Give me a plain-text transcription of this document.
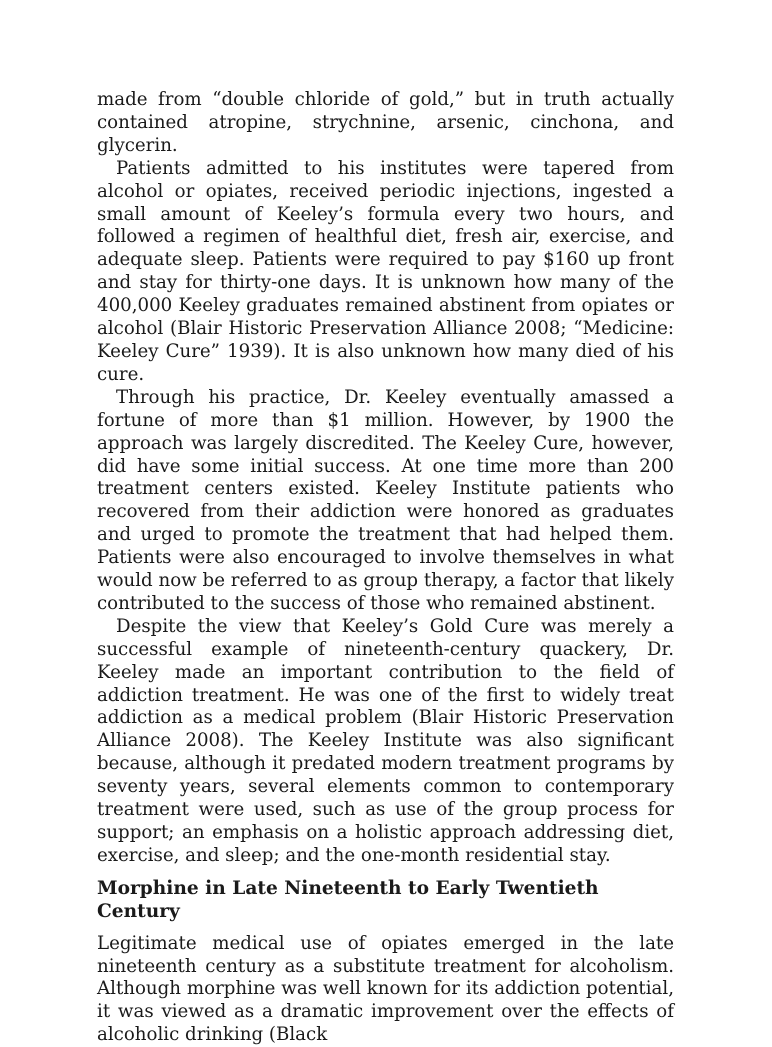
made from “double chloride of gold,” but in truth actually contained atropine, strychnine, arsenic, cinchona, and glycerin.

Patients admitted to his institutes were tapered from alcohol or opiates, received periodic injections, ingested a small amount of Keeley’s formula every two hours, and followed a regimen of healthful diet, fresh air, exercise, and adequate sleep. Patients were required to pay $160 up front and stay for thirty-one days. It is unknown how many of the 400,000 Keeley graduates remained abstinent from opiates or alcohol (Blair Historic Preservation Alliance 2008; “Medicine: Keeley Cure” 1939). It is also unknown how many died of his cure.

Through his practice, Dr. Keeley eventually amassed a fortune of more than $1 million. However, by 1900 the approach was largely discredited. The Keeley Cure, however, did have some initial success. At one time more than 200 treatment centers existed. Keeley Institute patients who recovered from their addiction were honored as graduates and urged to promote the treatment that had helped them. Patients were also encouraged to involve themselves in what would now be referred to as group therapy, a factor that likely contributed to the success of those who remained abstinent.

Despite the view that Keeley’s Gold Cure was merely a successful example of nineteenth-century quackery, Dr. Keeley made an important contribution to the field of addiction treatment. He was one of the first to widely treat addiction as a medical problem (Blair Historic Preservation Alliance 2008). The Keeley Institute was also significant because, although it predated modern treatment programs by seventy years, several elements common to contemporary treatment were used, such as use of the group process for support; an emphasis on a holistic approach addressing diet, exercise, and sleep; and the one-month residential stay.

Morphine in Late Nineteenth to Early Twentieth Century

Legitimate medical use of opiates emerged in the late nineteenth century as a substitute treatment for alcoholism. Although morphine was well known for its addiction potential, it was viewed as a dramatic improvement over the effects of alcoholic drinking (Black
